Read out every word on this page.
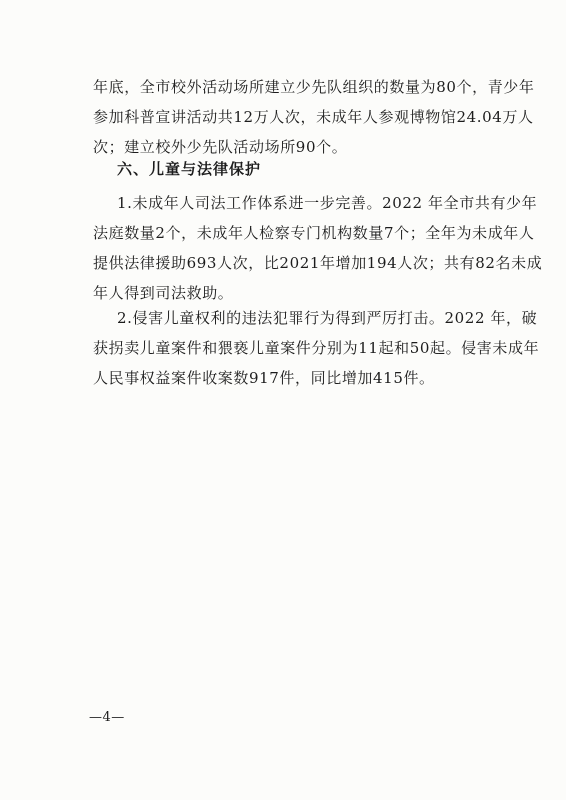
年底，全市校外活动场所建立少先队组织的数量为80个，青少年
参加科普宣讲活动共12万人次，未成年人参观博物馆24.04万人
次；建立校外少先队活动场所90个。
六、儿童与法律保护
1.未成年人司法工作体系进一步完善。2022 年全市共有少年
法庭数量2个，未成年人检察专门机构数量7个；全年为未成年人
提供法律援助693人次，比2021年增加194人次；共有82名未成
年人得到司法救助。
2.侵害儿童权利的违法犯罪行为得到严厉打击。2022 年，破
获拐卖儿童案件和猥亵儿童案件分别为11起和50起。侵害未成年
人民事权益案件收案数917件，同比增加415件。
—4—
